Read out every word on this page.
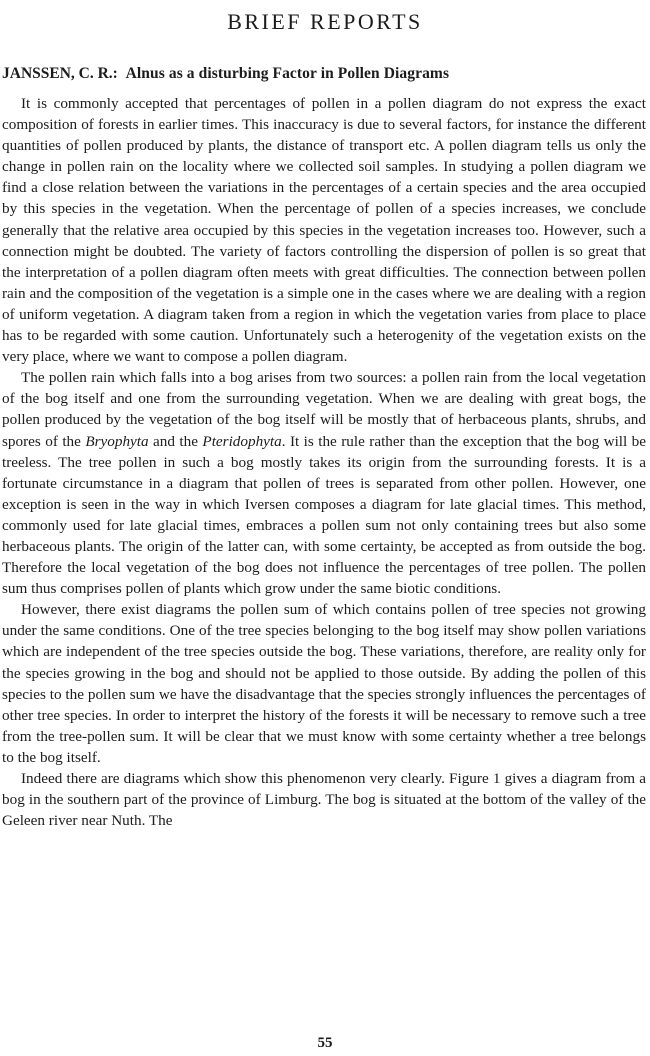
BRIEF REPORTS
JANSSEN, C. R.: Alnus as a disturbing Factor in Pollen Diagrams

It is commonly accepted that percentages of pollen in a pollen diagram do not express the exact composition of forests in earlier times. This inaccuracy is due to several factors, for instance the different quantities of pollen produced by plants, the distance of transport etc. A pollen diagram tells us only the change in pollen rain on the locality where we collected soil samples. In studying a pollen diagram we find a close relation between the variations in the percentages of a certain species and the area occupied by this species in the vegetation. When the percentage of pollen of a species increases, we conclude generally that the relative area occupied by this species in the vegetation increases too. However, such a connection might be doubted. The variety of factors controlling the dispersion of pollen is so great that the interpretation of a pollen diagram often meets with great difficulties. The connection between pollen rain and the composition of the vegetation is a simple one in the cases where we are dealing with a region of uniform vegetation. A diagram taken from a region in which the vegetation varies from place to place has to be regarded with some caution. Unfortunately such a heterogenity of the vegetation exists on the very place, where we want to compose a pollen diagram.

The pollen rain which falls into a bog arises from two sources: a pollen rain from the local vegetation of the bog itself and one from the surrounding vegetation. When we are dealing with great bogs, the pollen produced by the vegetation of the bog itself will be mostly that of herbaceous plants, shrubs, and spores of the Bryophyta and the Pteridophyta. It is the rule rather than the exception that the bog will be treeless. The tree pollen in such a bog mostly takes its origin from the surrounding forests. It is a fortunate circumstance in a diagram that pollen of trees is separated from other pollen. However, one exception is seen in the way in which Iversen composes a diagram for late glacial times. This method, commonly used for late glacial times, embraces a pollen sum not only containing trees but also some herbaceous plants. The origin of the latter can, with some certainty, be accepted as from outside the bog. Therefore the local vegetation of the bog does not influence the percentages of tree pollen. The pollen sum thus comprises pollen of plants which grow under the same biotic conditions.

However, there exist diagrams the pollen sum of which contains pollen of tree species not growing under the same conditions. One of the tree species belonging to the bog itself may show pollen variations which are independent of the tree species outside the bog. These variations, therefore, are reality only for the species growing in the bog and should not be applied to those outside. By adding the pollen of this species to the pollen sum we have the disadvantage that the species strongly influences the percentages of other tree species. In order to interpret the history of the forests it will be necessary to remove such a tree from the tree-pollen sum. It will be clear that we must know with some certainty whether a tree belongs to the bog itself.

Indeed there are diagrams which show this phenomenon very clearly. Figure 1 gives a diagram from a bog in the southern part of the province of Limburg. The bog is situated at the bottom of the valley of the Geleen river near Nuth. The

55
